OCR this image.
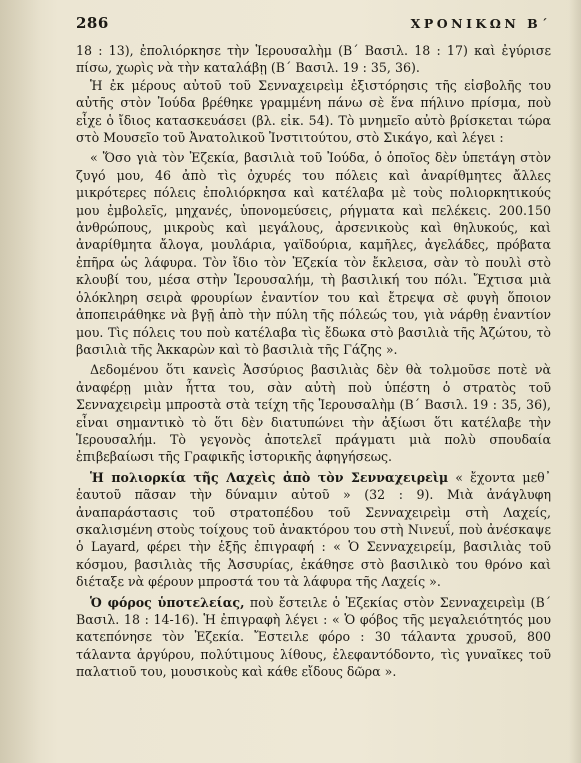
286	ΧΡΟΝΙΚΩΝ Β΄

18 : 13), ἐπολιόρκησε τὴν Ἱερουσαλὴμ (Β΄ Βασιλ. 18 : 17) καὶ ἐγύρισε πίσω, χωρὶς νὰ τὴν καταλάβῃ (Β΄ Βασιλ. 19 : 35, 36).

Ἡ ἐκ μέρους αὐτοῦ τοῦ Σενναχειρεὶμ ἐξιστόρησις τῆς εἰσβολῆς του αὐτῆς στὸν Ἰούδα βρέθηκε γραμμένη πάνω σὲ ἕνα πήλινο πρίσμα, ποὺ εἶχε ὁ ἴδιος κατασκευάσει (βλ. εἰκ. 54). Τὸ μνημεῖο αὐτὸ βρίσκεται τώρα στὸ Μουσεῖο τοῦ Ἀνατολικοῦ Ἰνστιτούτου, στὸ Σικάγο, καὶ λέγει :

« Ὅσο γιὰ τὸν Ἐζεκία, βασιλιὰ τοῦ Ἰούδα, ὁ ὁποῖος δὲν ὑπετάγη στὸν ζυγό μου, 46 ἀπὸ τὶς ὀχυρές του πόλεις καὶ ἀναρίθμητες ἄλλες μικρότερες πόλεις ἐπολιόρκησα καὶ κατέλαβα μὲ τοὺς πολιορκητικούς μου ἐμβολεῖς, μηχανές, ὑπονομεύσεις, ρήγματα καὶ πελέκεις. 200.150 ἀνθρώπους, μικροὺς καὶ μεγάλους, ἀρσενικοὺς καὶ θηλυκούς, καὶ ἀναρίθμητα ἄλογα, μουλάρια, γαϊδούρια, καμῆλες, ἀγελάδες, πρόβατα ἐπῆρα ὡς λάφυρα. Τὸν ἴδιο τὸν Ἐζεκία τὸν ἔκλεισα, σὰν τὸ πουλὶ στὸ κλουβί του, μέσα στὴν Ἱερουσαλήμ, τὴ βασιλική του πόλι. Ἔχτισα μιὰ ὁλόκληρη σειρὰ φρουρίων ἐναντίον του καὶ ἔτρεψα σὲ φυγὴ ὅποιον ἀποπειράθηκε νὰ βγῇ ἀπὸ τὴν πύλη τῆς πόλεώς του, γιὰ νάρθῃ ἐναντίον μου. Τὶς πόλεις του ποὺ κατέλαβα τὶς ἔδωκα στὸ βασιλιὰ τῆς Ἀζώτου, τὸ βασιλιὰ τῆς Ἀκκαρὼν καὶ τὸ βασιλιὰ τῆς Γάζης ».

Δεδομένου ὅτι κανεὶς Ἀσσύριος βασιλιὰς δὲν θὰ τολμοῦσε ποτὲ νὰ ἀναφέρῃ μιὰν ἧττα του, σὰν αὐτὴ ποὺ ὑπέστη ὁ στρατὸς τοῦ Σενναχειρεὶμ μπροστὰ στὰ τείχη τῆς Ἱερουσαλὴμ (Β΄ Βασιλ. 19 : 35, 36), εἶναι σημαντικὸ τὸ ὅτι δὲν διατυπώνει τὴν ἀξίωσι ὅτι κατέλαβε τὴν Ἱερουσαλήμ. Τὸ γεγονὸς ἀποτελεῖ πράγματι μιὰ πολὺ σπουδαία ἐπιβεβαίωσι τῆς Γραφικῆς ἱστορικῆς ἀφηγήσεως.

Ἡ πολιορκία τῆς Λαχεὶς ἀπὸ τὸν Σενναχειρεὶμ « ἔχοντα μεθ᾽ ἑαυτοῦ πᾶσαν τὴν δύναμιν αὐτοῦ » (32 : 9). Μιὰ ἀνάγλυφη ἀναπαράστασις τοῦ στρατοπέδου τοῦ Σενναχειρεὶμ στὴ Λαχείς, σκαλισμένη στοὺς τοίχους τοῦ ἀνακτόρου του στὴ Νινευΐ, ποὺ ἀνέσκαψε ὁ Layard, φέρει τὴν ἑξῆς ἐπιγραφή : « Ὁ Σενναχειρείμ, βασιλιὰς τοῦ κόσμου, βασιλιὰς τῆς Ἀσσυρίας, ἐκάθησε στὸ βασιλικὸ του θρόνο καὶ διέταξε νὰ φέρουν μπροστά του τὰ λάφυρα τῆς Λαχείς ».

Ὁ φόρος ὑποτελείας, ποὺ ἔστειλε ὁ Ἐζεκίας στὸν Σενναχειρεὶμ (Β΄ Βασιλ. 18 : 14-16). Ἡ ἐπιγραφὴ λέγει : « Ὁ φόβος τῆς μεγαλειότητός μου κατεπόνησε τὸν Ἐζεκία. Ἔστειλε φόρο : 30 τάλαντα χρυσοῦ, 800 τάλαντα ἀργύρου, πολύτιμους λίθους, ἐλεφαντόδοντο, τὶς γυναῖκες τοῦ παλατιοῦ του, μουσικοὺς καὶ κάθε εἴδους δῶρα ».
